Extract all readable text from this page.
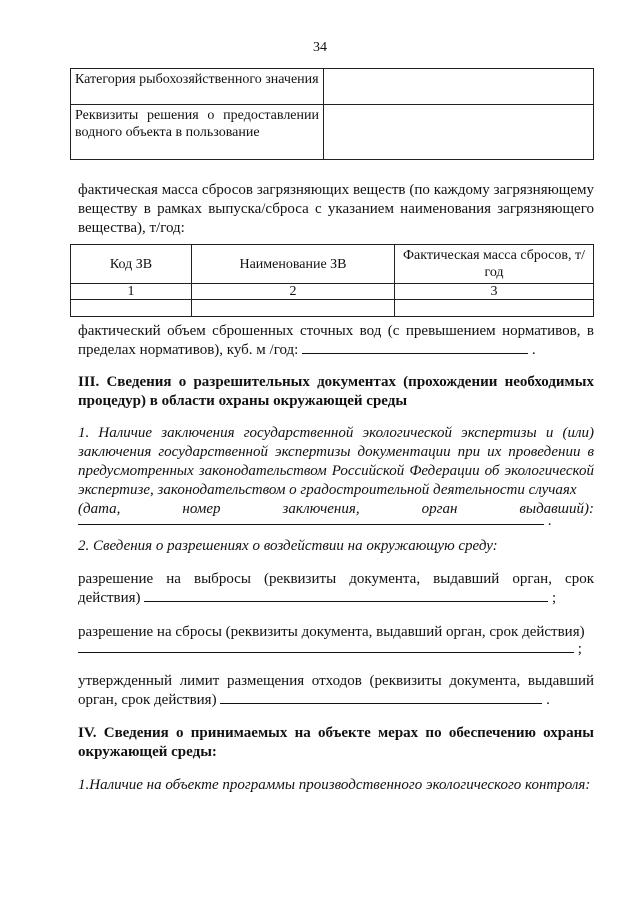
34
Категория рыбохозяйственного значения	
Реквизиты решения о предоставлении водного объекта в пользование	
фактическая масса сбросов загрязняющих веществ (по каждому загрязняющему веществу в рамках выпуска/сброса с указанием наименования загрязняющего вещества), т/год:
Код ЗВ	Наименование ЗВ	Фактическая масса сбросов, т/год
1	2	3

фактический объем сброшенных сточных вод (с превышением нормативов, в пределах нормативов), куб. м /год:	.
III. Сведения о разрешительных документах (прохождении необходимых процедур) в области охраны окружающей среды
1. Наличие заключения государственной экологической экспертизы и (или) заключения государственной экспертизы документации при их проведении в предусмотренных законодательством Российской Федерации об экологической экспертизе, законодательством о градостроительной деятельности случаях
(дата, номер заключения, орган выдавший):
.
2. Сведения о разрешениях о воздействии на окружающую среду:
разрешение на выбросы (реквизиты документа, выдавший орган, срок
действия)	;
разрешение на сбросы (реквизиты документа, выдавший орган, срок действия)
;
утвержденный лимит размещения отходов (реквизиты документа, выдавший
орган, срок действия)	.
IV. Сведения о принимаемых на объекте мерах по обеспечению охраны окружающей среды:
1.Наличие на объекте программы производственного экологического контроля:
